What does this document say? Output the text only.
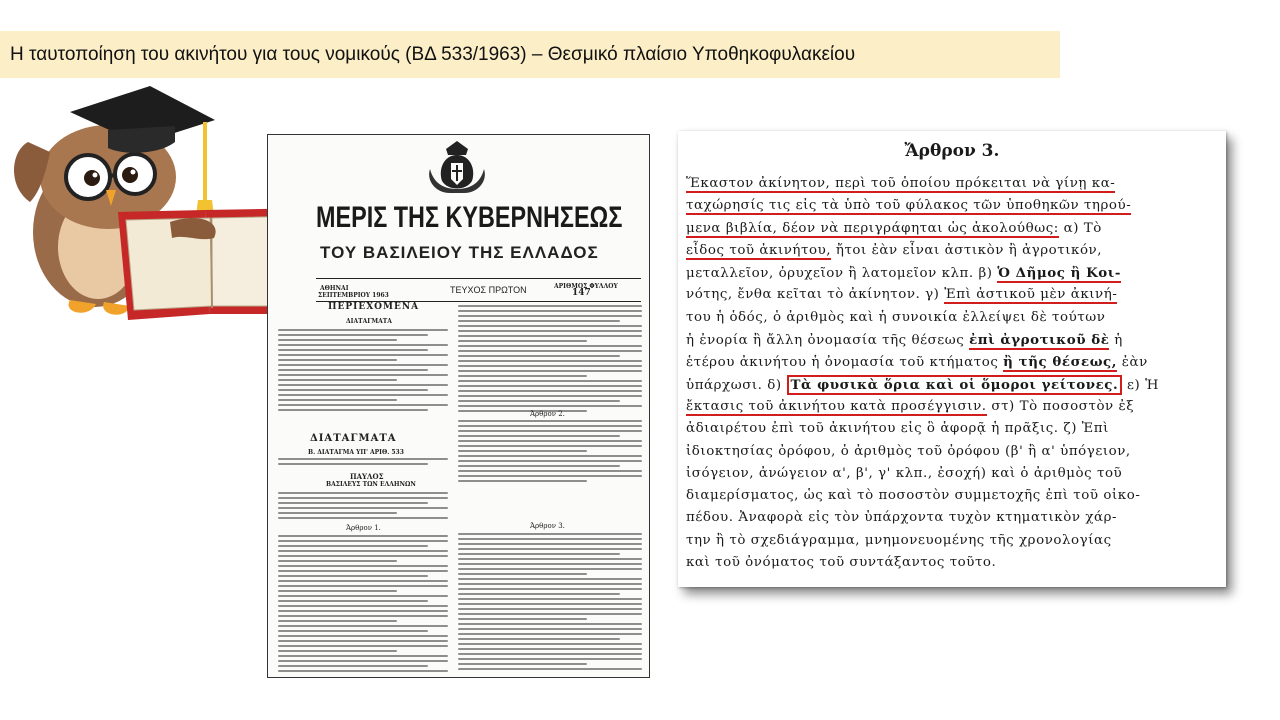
Η ταυτοποίηση του ακινήτου για τους νομικούς (ΒΔ 533/1963) – Θεσμικό πλαίσιο Υποθηκοφυλακείου
ΜΕΡΙΣ ΤΗΣ ΚΥΒΕΡΝΗΣΕΩΣ
ΤΟΥ ΒΑΣΙΛΕΙΟΥ ΤΗΣ ΕΛΛΑΔΟΣ
ΑΘΗΝΑΙ
ΣΕΠΤΕΜΒΡΙΟΥ 1963
ΤΕΥΧΟΣ ΠΡΩΤΟΝ	ΑΡΙΘΜΟΣ ΦΥΛΛΟΥ
147
ΠΕΡΙΕΧΟΜΕΝΑ
ΔΙΑΤΑΓΜΑΤΑ
ΔΙΑΤΑΓΜΑΤΑ
Β. ΔΙΑΤΑΓΜΑ ΥΠ' ΑΡΙΘ. 533
ΠΑΥΛΟΣ
ΒΑΣΙΛΕΥΣ ΤΩΝ ΕΛΛΗΝΩΝ
Άρθρον 1.
Άρθρον 2.
Άρθρον 3.
Ἄρθρον 3.
Ἕκαστον ἀκίνητον, περὶ τοῦ ὁποίου πρόκειται νὰ γίνῃ κα-
ταχώρησίς τις εἰς τὰ ὑπὸ τοῦ φύλακος τῶν ὑποθηκῶν τηρού-
μενα βιβλία, δέον νὰ περιγράφηται ὡς ἀκολούθως: α) Τὸ
εἶδος τοῦ ἀκινήτου, ἤτοι ἐὰν εἶναι ἀστικὸν ἢ ἀγροτικόν,
μεταλλεῖον, ὀρυχεῖον ἢ λατομεῖον κλπ. β) Ὁ Δῆμος ἢ Κοι-
νότης, ἔνθα κεῖται τὸ ἀκίνητον. γ) Ἐπὶ ἀστικοῦ μὲν ἀκινή-
του ἡ ὁδός, ὁ ἀριθμὸς καὶ ἡ συνοικία ἐλλείψει δὲ τούτων
ἡ ἐνορία ἢ ἄλλη ὀνομασία τῆς θέσεως ἐπὶ ἀγροτικοῦ δὲ ἡ
ἑτέρου ἀκινήτου ἡ ὀνομασία τοῦ κτήματος ἢ τῆς θέσεως, ἐὰν
ὑπάρχωσι. δ) Τὰ φυσικὰ ὅρια καὶ οἱ ὅμοροι γείτονες. ε) Ἡ
ἔκτασις τοῦ ἀκινήτου κατὰ προσέγγισιν. στ) Τὸ ποσοστὸν ἐξ
ἀδιαιρέτου ἐπὶ τοῦ ἀκινήτου εἰς ὃ ἀφορᾷ ἡ πρᾶξις. ζ) Ἐπὶ
ἰδιοκτησίας ὀρόφου, ὁ ἀριθμὸς τοῦ ὀρόφου (β' ἢ α' ὑπόγειον,
ἰσόγειον, ἀνώγειον α', β', γ' κλπ., ἐσοχή) καὶ ὁ ἀριθμὸς τοῦ
διαμερίσματος, ὡς καὶ τὸ ποσοστὸν συμμετοχῆς ἐπὶ τοῦ οἰκο-
πέδου. Ἀναφορὰ εἰς τὸν ὑπάρχοντα τυχὸν κτηματικὸν χάρ-
την ἢ τὸ σχεδιάγραμμα, μνημονευομένης τῆς χρονολογίας
καὶ τοῦ ὀνόματος τοῦ συντάξαντος τοῦτο.
